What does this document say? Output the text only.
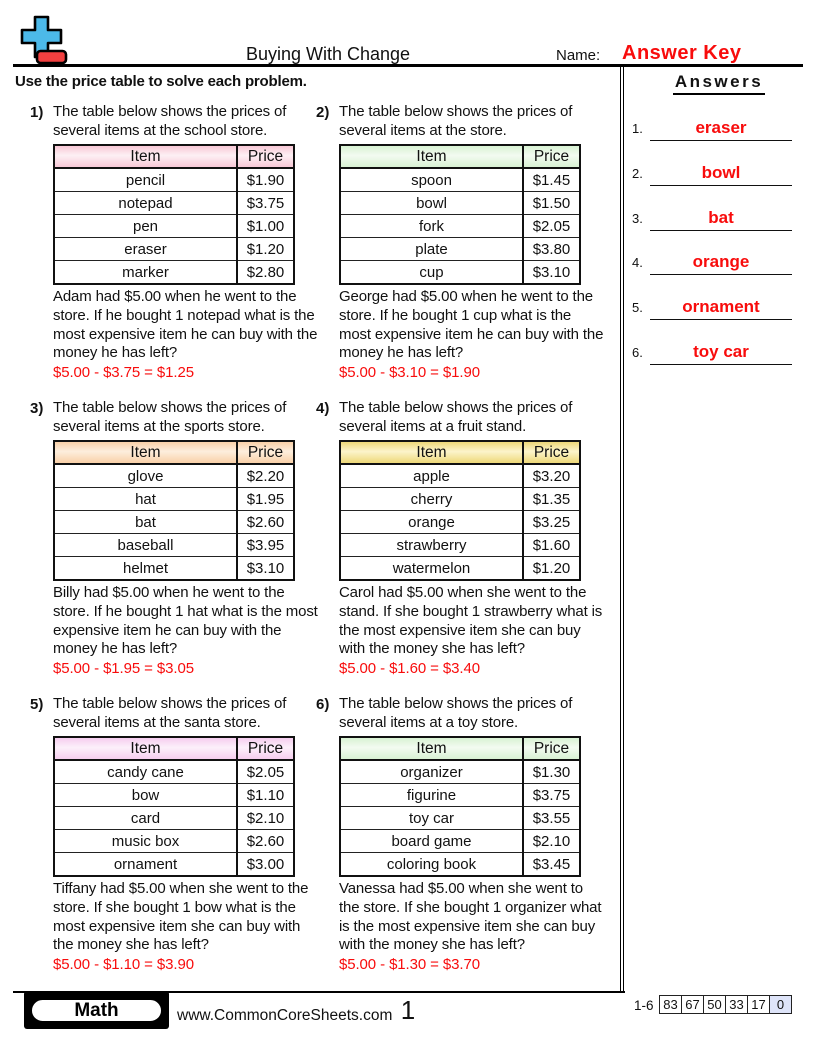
Buying With Change	Name: Answer Key
Use the price table to solve each problem.	Answers
1.	eraser
2.	bowl
3.	bat
4.	orange
5. ornament
6.	toy car
1) The table below shows the prices of several items at the school store.
Item	Price
pencil	$1.90
notepad	$3.75
pen	$1.00
eraser	$1.20
marker	$2.80
Adam had $5.00 when he went to the store. If he bought 1 notepad what is the most expensive item he can buy with the money he has left?
$5.00 - $3.75 = $1.25
2) The table below shows the prices of several items at the store.
Item	Price
spoon	$1.45
bowl	$1.50
fork	$2.05
plate	$3.80
cup	$3.10
George had $5.00 when he went to the store. If he bought 1 cup what is the most expensive item he can buy with the money he has left?
$5.00 - $3.10 = $1.90
3) The table below shows the prices of several items at the sports store.
Item	Price
glove	$2.20
hat	$1.95
bat	$2.60
baseball	$3.95
helmet	$3.10
Billy had $5.00 when he went to the store. If he bought 1 hat what is the most expensive item he can buy with the money he has left?
$5.00 - $1.95 = $3.05
4) The table below shows the prices of several items at a fruit stand.
Item	Price
apple	$3.20
cherry	$1.35
orange	$3.25
strawberry	$1.60
watermelon	$1.20
Carol had $5.00 when she went to the stand. If she bought 1 strawberry what is the most expensive item she can buy with the money she has left?
$5.00 - $1.60 = $3.40
5) The table below shows the prices of several items at the santa store.
Item	Price
candy cane	$2.05
bow	$1.10
card	$2.10
music box	$2.60
ornament	$3.00
Tiffany had $5.00 when she went to the store. If she bought 1 bow what is the most expensive item she can buy with the money she has left?
$5.00 - $1.10 = $3.90
6) The table below shows the prices of several items at a toy store.
Item	Price
organizer	$1.30
figurine	$3.75
toy car	$3.55
board game	$2.10
coloring book	$3.45
Vanessa had $5.00 when she went to the store. If she bought 1 organizer what is the most expensive item she can buy with the money she has left?
$5.00 - $1.30 = $3.70
Math	www.CommonCoreSheets.com 1	1-6 83 67 50 33 17 0
